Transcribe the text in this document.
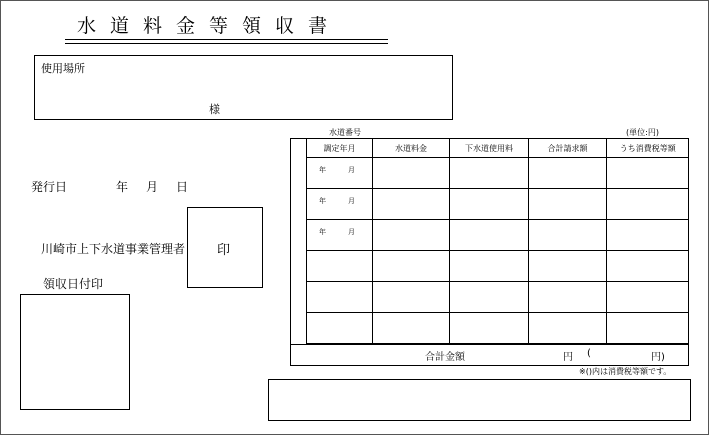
水道料金等領収書
使用場所
様
発行日	年 月 日
川崎市上下水道事業管理者 印
領収日付印
水道番号	(単位:円)
調定年月	水道料金	下水道使用料	合計請求額	うち消費税等額

年 月				

年 月				

年 月				

合計金額	円 (	円)
※()内は消費税等額です。
